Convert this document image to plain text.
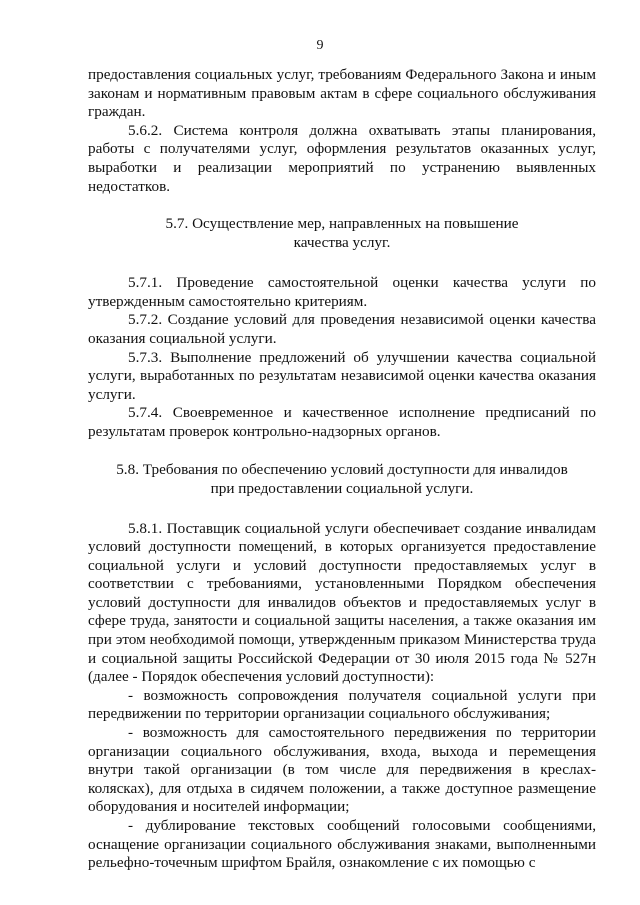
9

предоставления социальных услуг, требованиям Федерального Закона и иным законам и нормативным правовым актам в сфере социального обслуживания граждан.

5.6.2. Система контроля должна охватывать этапы планирования, работы с получателями услуг, оформления результатов оказанных услуг, выработки и реализации мероприятий по устранению выявленных недостатков.

5.7. Осуществление мер, направленных на повышение
качества услуг.

5.7.1. Проведение самостоятельной оценки качества услуги по утвержденным самостоятельно критериям.

5.7.2. Создание условий для проведения независимой оценки качества оказания социальной услуги.

5.7.3. Выполнение предложений об улучшении качества социальной услуги, выработанных по результатам независимой оценки качества оказания услуги.

5.7.4. Своевременное и качественное исполнение предписаний по результатам проверок контрольно-надзорных органов.

5.8. Требования по обеспечению условий доступности для инвалидов
при предоставлении социальной услуги.

5.8.1. Поставщик социальной услуги обеспечивает создание инвалидам условий доступности помещений, в которых организуется предоставление социальной услуги и условий доступности предоставляемых услуг в соответствии с требованиями, установленными Порядком обеспечения условий доступности для инвалидов объектов и предоставляемых услуг в сфере труда, занятости и социальной защиты населения, а также оказания им при этом необходимой помощи, утвержденным приказом Министерства труда и социальной защиты Российской Федерации от 30 июля 2015 года № 527н (далее - Порядок обеспечения условий доступности):

- возможность сопровождения получателя социальной услуги при передвижении по территории организации социального обслуживания;

- возможность для самостоятельного передвижения по территории организации социального обслуживания, входа, выхода и перемещения внутри такой организации (в том числе для передвижения в креслах-колясках), для отдыха в сидячем положении, а также доступное размещение оборудования и носителей информации;

- дублирование текстовых сообщений голосовыми сообщениями, оснащение организации социального обслуживания знаками, выполненными рельефно-точечным шрифтом Брайля, ознакомление с их помощью с
